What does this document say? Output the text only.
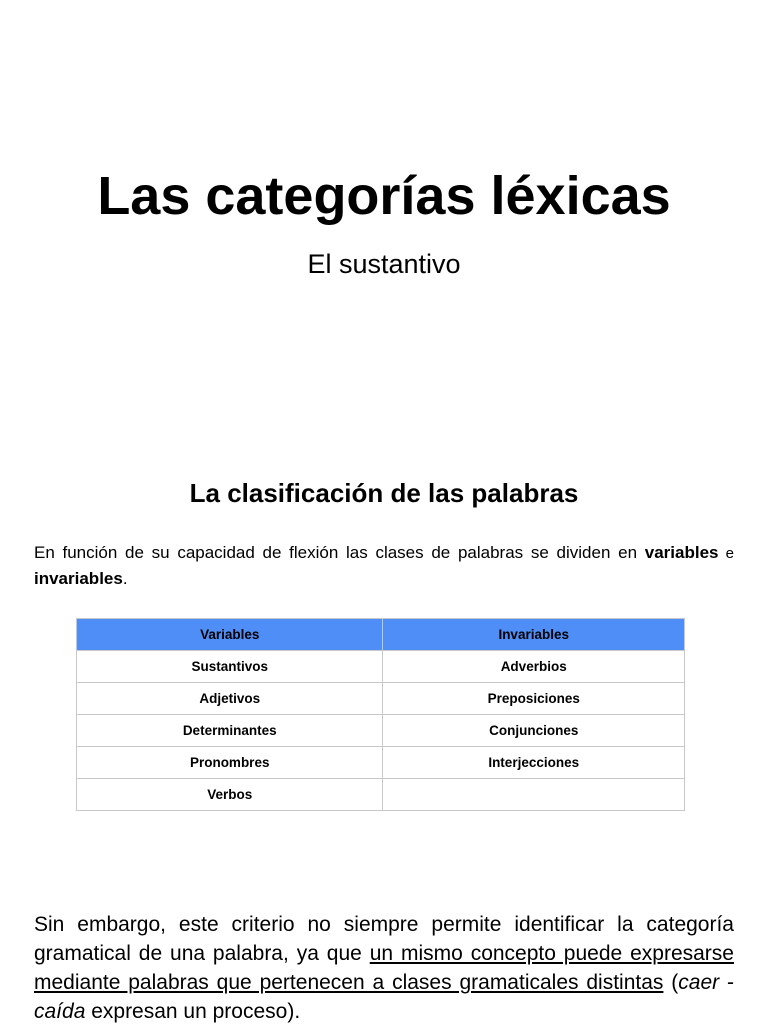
Las categorías léxicas
El sustantivo
La clasificación de las palabras

En función de su capacidad de flexión las clases de palabras se dividen en variables e invariables.

Variables	Invariables
Sustantivos	Adverbios
Adjetivos	Preposiciones
Determinantes	Conjunciones
Pronombres	Interjecciones
Verbos	

Sin embargo, este criterio no siempre permite identificar la categoría gramatical de una palabra, ya que un mismo concepto puede expresarse mediante palabras que pertenecen a clases gramaticales distintas (caer - caída expresan un proceso).
